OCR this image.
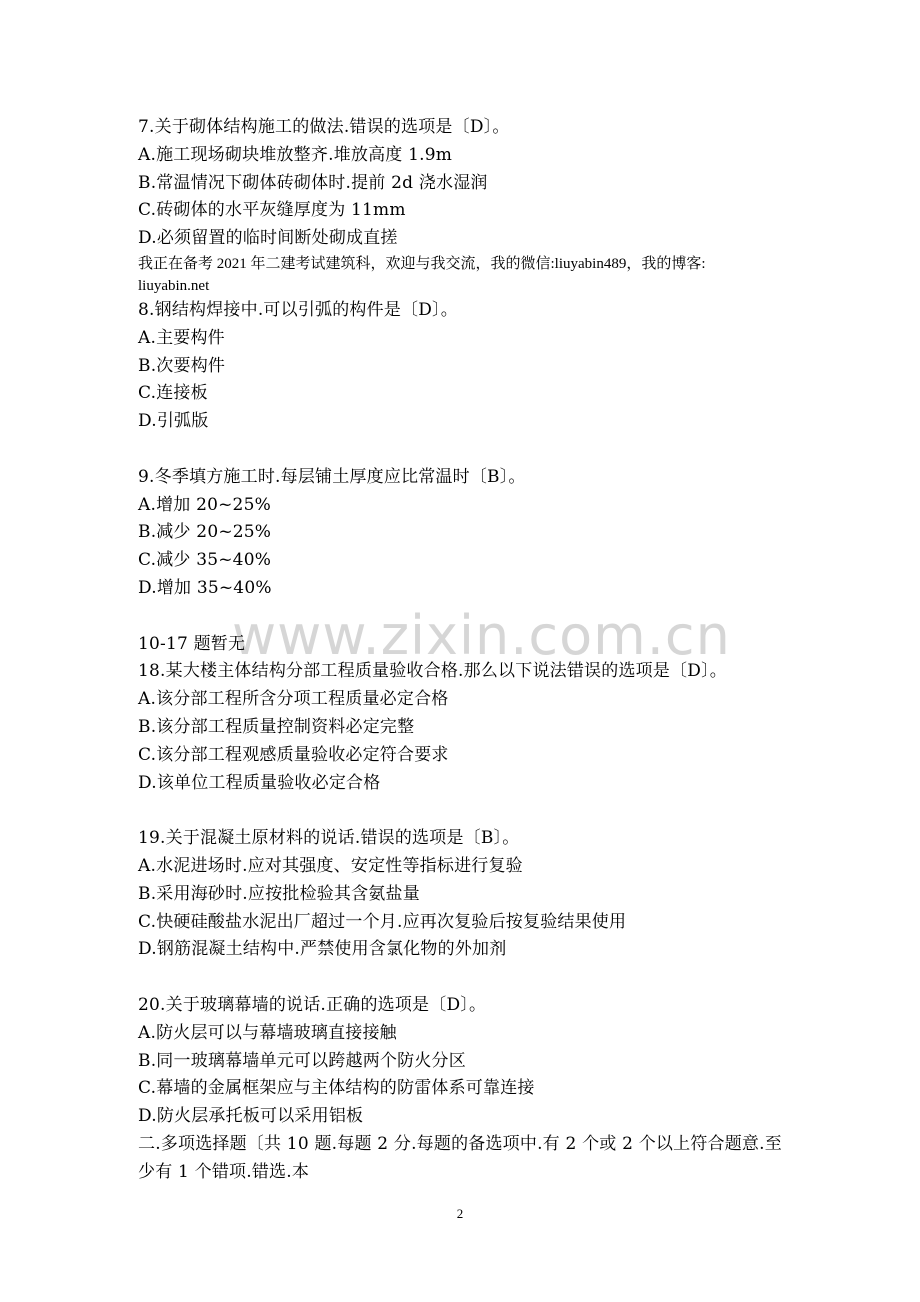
www.zixin.com.cn
7.关于砌体结构施工的做法.错误的选项是〔D〕。
A.施工现场砌块堆放整齐.堆放高度 1.9m
B.常温情况下砌体砖砌体时.提前 2d 浇水湿润
C.砖砌体的水平灰缝厚度为 11mm
D.必须留置的临时间断处砌成直搓
我正在备考 2021 年二建考试建筑科，欢迎与我交流，我的微信:liuyabin489，我的博客: liuyabin.net
8.钢结构焊接中.可以引弧的构件是〔D〕。
A.主要构件
B.次要构件
C.连接板
D.引弧版
9.冬季填方施工时.每层铺土厚度应比常温时〔B〕。
A.增加 20~25%
B.减少 20~25%
C.减少 35~40%
D.增加 35~40%
10-17 题暂无
18.某大楼主体结构分部工程质量验收合格.那么以下说法错误的选项是〔D〕。
A.该分部工程所含分项工程质量必定合格
B.该分部工程质量控制资料必定完整
C.该分部工程观感质量验收必定符合要求
D.该单位工程质量验收必定合格
19.关于混凝土原材料的说话.错误的选项是〔B〕。
A.水泥进场时.应对其强度、安定性等指标进行复验
B.采用海砂时.应按批检验其含氨盐量
C.快硬硅酸盐水泥出厂超过一个月.应再次复验后按复验结果使用
D.钢筋混凝土结构中.严禁使用含氯化物的外加剂
20.关于玻璃幕墙的说话.正确的选项是〔D〕。
A.防火层可以与幕墙玻璃直接接触
B.同一玻璃幕墙单元可以跨越两个防火分区
C.幕墙的金属框架应与主体结构的防雷体系可靠连接
D.防火层承托板可以采用铝板
二.多项选择题〔共 10 题.每题 2 分.每题的备选项中.有 2 个或 2 个以上符合题意.至少有 1 个错项.错选.本
2
